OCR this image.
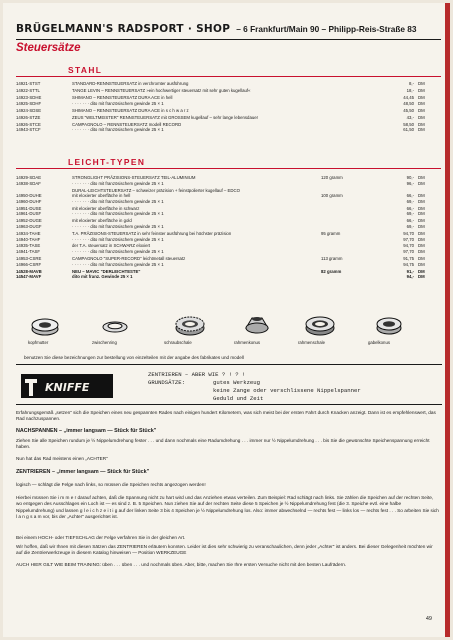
BRÜGELMANN'S RADSPORT · SHOP – 6 Frankfurt/Main 90 – Philipp-Reis-Straße 83
Steuersätze
STAHL
14921-STST	STANDARD-RENNSTEUERSATZ in verchromter ausführung	8,- DM
14922-STTL	TANGE LEVIN – RENNSTEUERSATZ »ein hochwertiger steuersatz mit sehr guten kugellauf«	18,- DM
14923-SDHE	SHIMANO – RENNSTEUERSATZ DURA ACE in hell	44,45 DM
14925-SDHF	· · · · · · · dito mit französischem gewinde 25 × 1	48,50 DM
14924-SDSE	SHIMANO – RENNSTEUERSATZ DURA ACE in s c h w a r z	45,50 DM
14926-STZE	ZEUS "WELTMEISTER" RENNSTEUERSATZ mit GROSSEM kugellauf – sehr lange lebensdauer	43,- DM
14926-STCE	CAMPAGNOLO – RENNSTEUERSATZ modell RECORD	58,50 DM
14943-STCF	· · · · · · · dito mit französischem gewinde 25 × 1	61,50 DM
LEICHT-TYPEN
14929-SDAE	STRONGLIGHT PRÄZISIONS-STEUERSATZ TEIL-ALUMINIUM	120 gramm	90,- DM
14938-SDAF	· · · · · · · dito mit französischem gewinde 25 × 1	96,- DM
DURAL-LEICHTSTEUERSATZ – schweizer präzision + feinstpolierter kugellauf – EDCO
14950-DUHE	mit eloxierter oberfläche in hell	100 gramm	66,- DM
14960-DUHF	· · · · · · · dito mit französischem gewinde 25 × 1	69,- DM
14951-DUSE	mit eloxierter oberfläche in schwarz	66,- DM
14961-DUSF	· · · · · · · dito mit französischem gewinde 25 × 1	69,- DM
14952-DUGE	mit eloxierter oberfläche in gold	66,- DM
14963-DUGF	· · · · · · · dito mit französischem gewinde 25 × 1	69,- DM
14934-TAHE	T.A. PRÄZISIONS-STEUERSATZ in sehr feinster ausführung bei höchster präzision	95 gramm	94,70 DM
14940-TAHF	· · · · · · · dito mit französischem gewinde 25 × 1	97,70 DM
14935-TASE	der T.A. steuersatz in SCHWARZ eloxiert	94,70 DM
14941-TASF	· · · · · · · dito mit französischem gewinde 25 × 1	97,70 DM
14953-CSRE	CAMPAGNOLO "SUPER-RECORD" leichtmetall steuersatz	113 gramm	91,75 DM
14966-CSRF	· · · · · · · dito mit französischem gewinde 25 × 1	94,75 DM
14528-MAVB	NEU – MAVIC "DERLEICHTESTE"	82 gramm	91,- DM
14547-MAVF	dito mit franz. Gewinde 25 × 1	94,- DM
kopfmutter	zwischenring	schraubschale	rahmenkonus	rahmenschale	gabelkonus
benutzen Sie diese bezeichnungen zur bestellung von einzelteilen mit der angabe des fabrikates und modell
KNIFFE
ZENTRIEREN – ABER WIE ? ! ? !
GRUNDSÄTZE:	gutes Werkzeug
keine Zange oder verschlissene Nippelspanner
Geduld und Zeit
Erfahrungsgemäß „setzen" sich die Speichen eines neu gespannten Rades nach einigen hundert Kilometern, was sich meist bei der ersten Fahrt durch Knacken anzeigt. Dann ist es empfehlenswert, das Rad nachzuspannen.
NACHSPANNEN – „immer langsam — Stück für Stück"
Ziehen Sie alle Speichen rundum je ½ Nippelumdrehung fester . . . und dann nochmals eine Radumdrehung . . . immer nur ½ Nippelumdrehung . . . bis Sie die gewünschte Speichenspannung erreicht haben.
Nun hat das Rad meistens einen „ACHTER"
ZENTRIEREN – „immer langsam — Stück für Stück"
logisch — schlägt die Felge nach links, so müssen die Speichen rechts angezogen werden!
Hierbei müssen Sie i m m e r darauf achten, daß die Spannung nicht zu hart wird und das Anziehen etwas verteilen. Zum Beispiel: Rad schlägt nach links. Sie zählen die Speichen auf der rechten Seite, wo entgegen des Ausschlages ein Loch ist — es sind z. B. 5 Speichen. Nun ziehen Sie auf der rechten Seite diese 5 Speichen je ½ Nippelumdrehung fest (die 3. Speiche evtl. eine halbe Nippelumdrehung) und lassen g l e i c h z e i t i g auf der linken Seite 3 bis 4 Speichen je ½ Nippelumdrehung los. Also: immer abwechselnd — rechts fest — links los — rechts fest . . . So arbeiten Sie sich l a n g s a m vor, bis der „Achter" ausgerichtet ist.
Bei einem HOCH- oder TIEFSCHLAG der Felge verfahren Sie in der gleichen Art.
Wir hoffen, daß wir Ihnen mit diesen Sätzen das ZENTRIEREN erläutern konnten. Leider ist dies sehr schwierig zu veranschaulichen, denn jeder „Achter" ist anders. Bei dieser Gelegenheit möchten wir auf die Zentrierwerkzeuge in diesem Katalog hinweisen — Position WERKZEUGE
AUCH HIER GILT WIE BEIM TRAINING: üben . . . üben . . . und nochmals üben. Aber, bitte, machen Sie Ihre ersten Versuche nicht mit den besten Laufrädern.
49
